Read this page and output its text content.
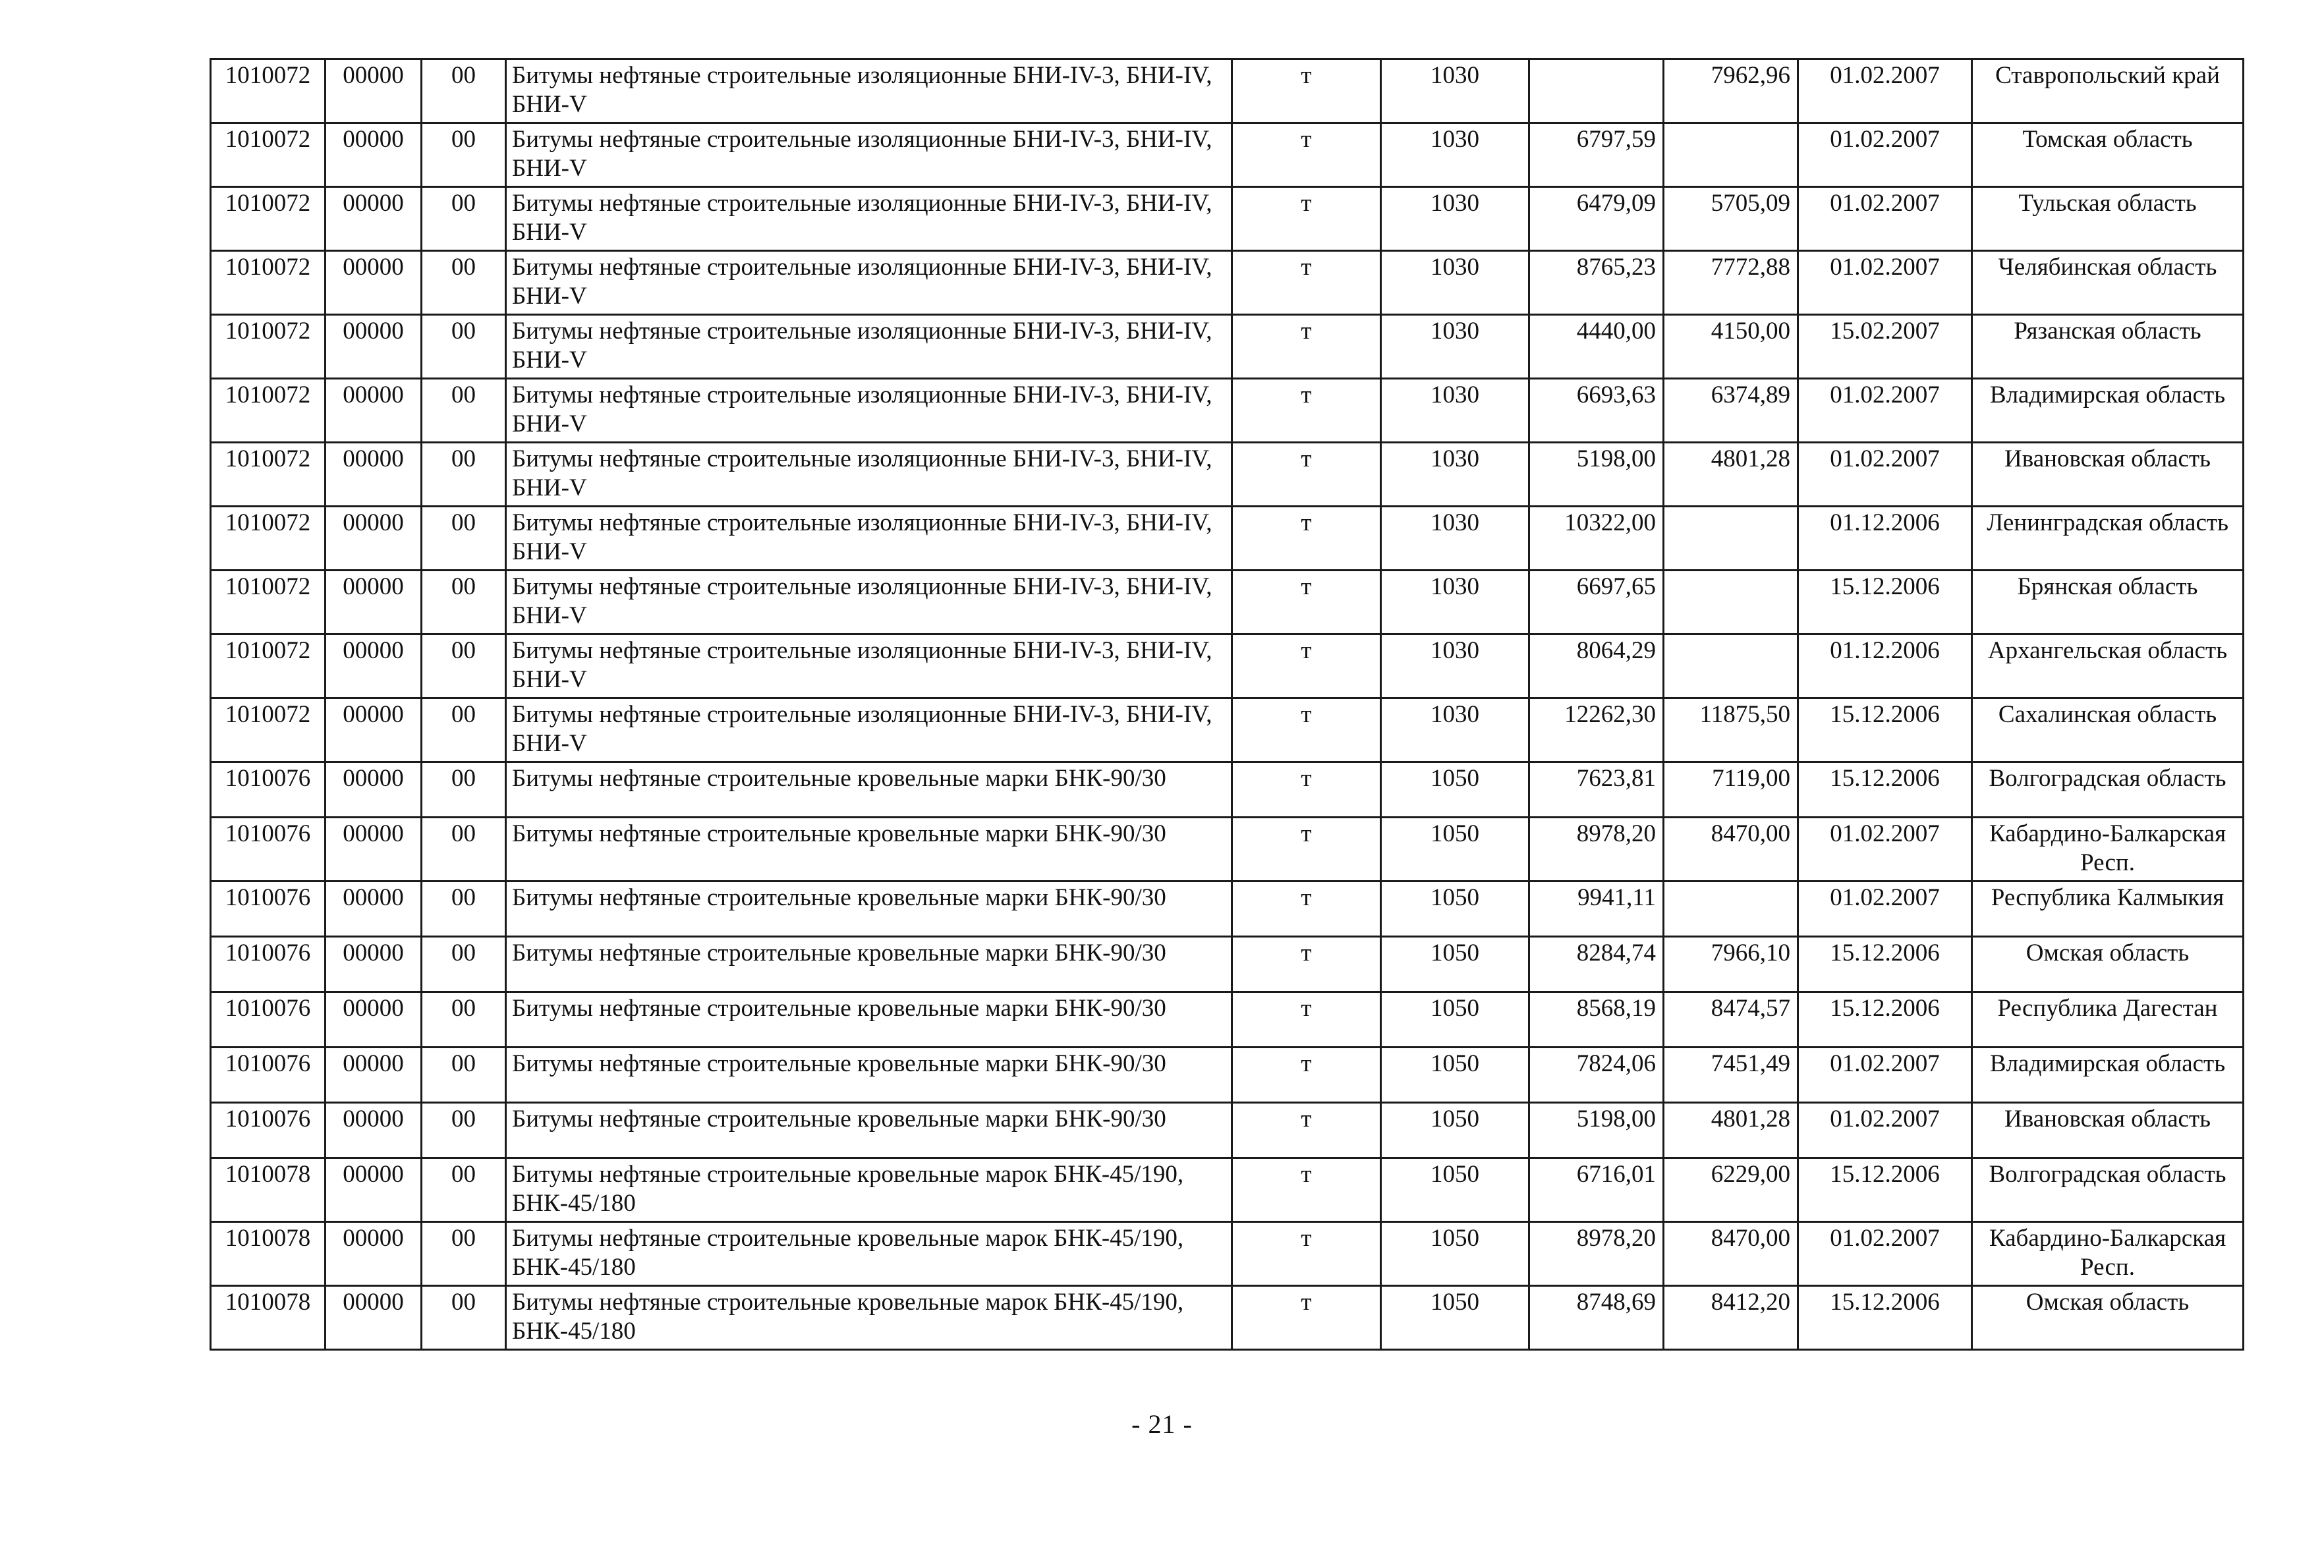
1010072	00000	00	Битумы нефтяные строительные изоляционные БНИ-IV-3, БНИ-IV, БНИ-V	т	1030		7962,96	01.02.2007	Ставропольский край
1010072	00000	00	Битумы нефтяные строительные изоляционные БНИ-IV-3, БНИ-IV, БНИ-V	т	1030	6797,59		01.02.2007	Томская область
1010072	00000	00	Битумы нефтяные строительные изоляционные БНИ-IV-3, БНИ-IV, БНИ-V	т	1030	6479,09	5705,09	01.02.2007	Тульская область
1010072	00000	00	Битумы нефтяные строительные изоляционные БНИ-IV-3, БНИ-IV, БНИ-V	т	1030	8765,23	7772,88	01.02.2007	Челябинская область
1010072	00000	00	Битумы нефтяные строительные изоляционные БНИ-IV-3, БНИ-IV, БНИ-V	т	1030	4440,00	4150,00	15.02.2007	Рязанская область
1010072	00000	00	Битумы нефтяные строительные изоляционные БНИ-IV-3, БНИ-IV, БНИ-V	т	1030	6693,63	6374,89	01.02.2007	Владимирская область
1010072	00000	00	Битумы нефтяные строительные изоляционные БНИ-IV-3, БНИ-IV, БНИ-V	т	1030	5198,00	4801,28	01.02.2007	Ивановская область
1010072	00000	00	Битумы нефтяные строительные изоляционные БНИ-IV-3, БНИ-IV, БНИ-V	т	1030	10322,00		01.12.2006	Ленинградская область
1010072	00000	00	Битумы нефтяные строительные изоляционные БНИ-IV-3, БНИ-IV, БНИ-V	т	1030	6697,65		15.12.2006	Брянская область
1010072	00000	00	Битумы нефтяные строительные изоляционные БНИ-IV-3, БНИ-IV, БНИ-V	т	1030	8064,29		01.12.2006	Архангельская область
1010072	00000	00	Битумы нефтяные строительные изоляционные БНИ-IV-3, БНИ-IV, БНИ-V	т	1030	12262,30	11875,50	15.12.2006	Сахалинская область
1010076	00000	00	Битумы нефтяные строительные кровельные марки БНК-90/30	т	1050	7623,81	7119,00	15.12.2006	Волгоградская область
1010076	00000	00	Битумы нефтяные строительные кровельные марки БНК-90/30	т	1050	8978,20	8470,00	01.02.2007	Кабардино-Балкарская Респ.
1010076	00000	00	Битумы нефтяные строительные кровельные марки БНК-90/30	т	1050	9941,11		01.02.2007	Республика Калмыкия
1010076	00000	00	Битумы нефтяные строительные кровельные марки БНК-90/30	т	1050	8284,74	7966,10	15.12.2006	Омская область
1010076	00000	00	Битумы нефтяные строительные кровельные марки БНК-90/30	т	1050	8568,19	8474,57	15.12.2006	Республика Дагестан
1010076	00000	00	Битумы нефтяные строительные кровельные марки БНК-90/30	т	1050	7824,06	7451,49	01.02.2007	Владимирская область
1010076	00000	00	Битумы нефтяные строительные кровельные марки БНК-90/30	т	1050	5198,00	4801,28	01.02.2007	Ивановская область
1010078	00000	00	Битумы нефтяные строительные кровельные марок БНК-45/190, БНК-45/180	т	1050	6716,01	6229,00	15.12.2006	Волгоградская область
1010078	00000	00	Битумы нефтяные строительные кровельные марок БНК-45/190, БНК-45/180	т	1050	8978,20	8470,00	01.02.2007	Кабардино-Балкарская Респ.
1010078	00000	00	Битумы нефтяные строительные кровельные марок БНК-45/190, БНК-45/180	т	1050	8748,69	8412,20	15.12.2006	Омская область
- 21 -
